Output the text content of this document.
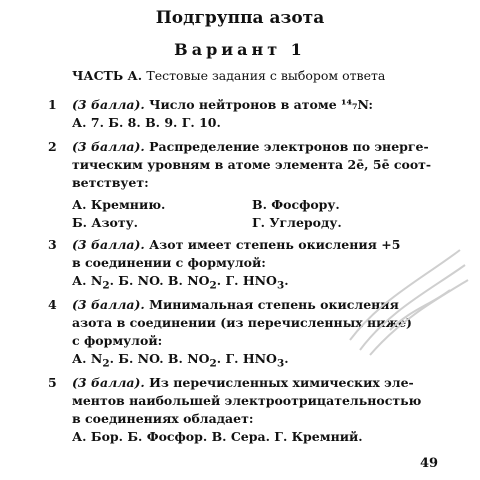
Подгруппа азота
Вариант 1
ЧАСТЬ А. Тестовые задания с выбором ответа
1 (3 балла). Число нейтронов в атоме ¹⁴₇N:
А. 7. Б. 8. В. 9. Г. 10.
2 (3 балла). Распределение электронов по энерге-
тическим уровням в атоме элемента 2ē, 5ē соот-
ветствует:
А. Кремнию.	В. Фосфору.
Б. Азоту.	Г. Углероду.
3 (3 балла). Азот имеет степень окисления +5
в соединении с формулой:
А. $N_2$. Б. NO. В. $NO_2$. Г. $HNO_3$.
4 (3 балла). Минимальная степень окисления
азота в соединении (из перечисленных ниже)
с формулой:
А. $N_2$. Б. NO. В. $NO_2$. Г. $HNO_3$.
5 (3 балла). Из перечисленных химических эле-
ментов наибольшей электроотрицательностью
в соединениях обладает:
А. Бор. Б. Фосфор. В. Сера. Г. Кремний.
49
